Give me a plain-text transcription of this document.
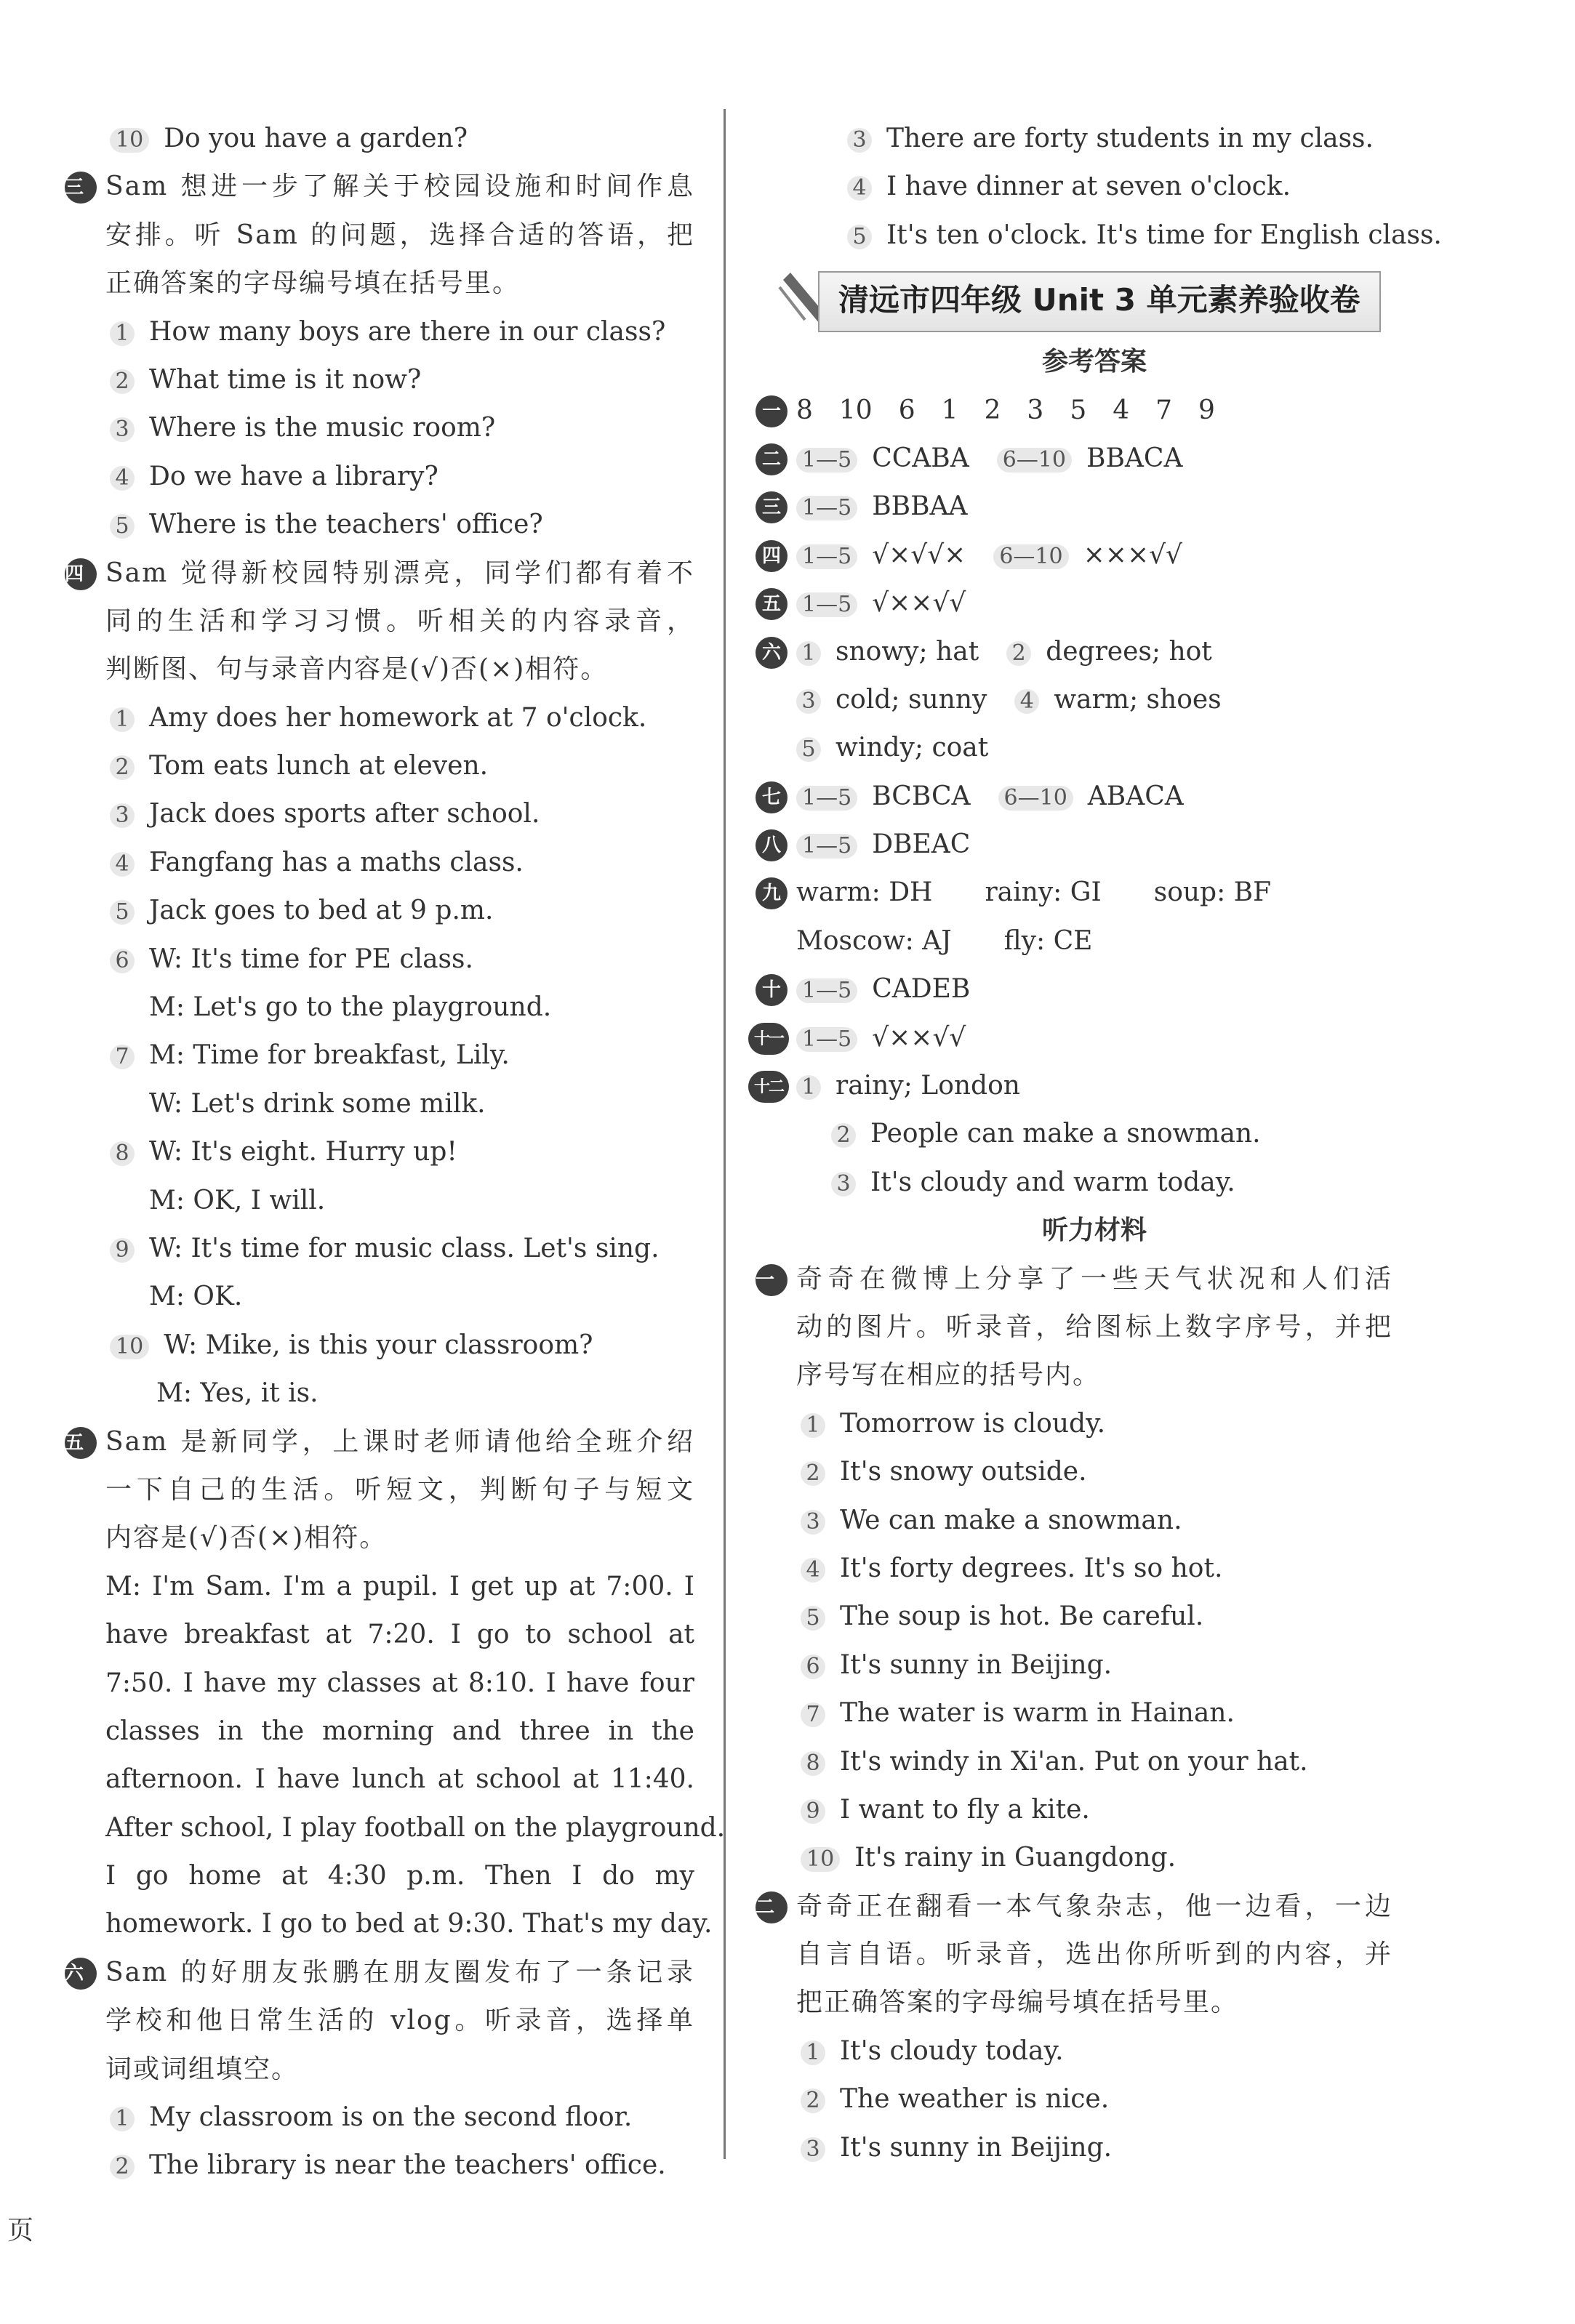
10 Do you have a garden?
三 Sam 想进一步了解关于校园设施和时间作息
安排。听 Sam 的问题，选择合适的答语，把
正确答案的字母编号填在括号里。
1 How many boys are there in our class?
2 What time is it now?
3 Where is the music room?
4 Do we have a library?
5 Where is the teachers' office?
四 Sam 觉得新校园特别漂亮，同学们都有着不
同的生活和学习习惯。听相关的内容录音，
判断图、句与录音内容是(√)否(×)相符。
1 Amy does her homework at 7 o'clock.
2 Tom eats lunch at eleven.
3 Jack does sports after school.
4 Fangfang has a maths class.
5 Jack goes to bed at 9 p.m.
6 W: It's time for PE class.
M: Let's go to the playground.
7 M: Time for breakfast, Lily.
W: Let's drink some milk.
8 W: It's eight. Hurry up!
M: OK, I will.
9 W: It's time for music class. Let's sing.
M: OK.
10 W: Mike, is this your classroom?
M: Yes, it is.
五 Sam 是新同学，上课时老师请他给全班介绍
一下自己的生活。听短文，判断句子与短文
内容是(√)否(×)相符。
M: I'm Sam. I'm a pupil. I get up at 7:00. I
have breakfast at 7:20. I go to school at
7:50. I have my classes at 8:10. I have four
classes in the morning and three in the
afternoon. I have lunch at school at 11:40.
After school, I play football on the playground.
I go home at 4:30 p.m. Then I do my
homework. I go to bed at 9:30. That's my day.
六 Sam 的好朋友张鹏在朋友圈发布了一条记录
学校和他日常生活的 vlog。听录音，选择单
词或词组填空。
1 My classroom is on the second floor.
2 The library is near the teachers' office.
3 There are forty students in my class.
4 I have dinner at seven o'clock.
5 It's ten o'clock. It's time for English class.
清远市四年级 Unit 3 单元素养验收卷
参考答案
一 8　10　6　1　2　3　5　4　7　9
二 1—5 CCABA 6—10 BBACA
三 1—5 BBBAA
四 1—5 √×√√× 6—10 ×××√√
五 1—5 √××√√
六 1 snowy; hat 2 degrees; hot
3 cold; sunny 4 warm; shoes
5 windy; coat
七 1—5 BCBCA 6—10 ABACA
八 1—5 DBEAC
九 warm: DH　　rainy: GI　　soup: BF
Moscow: AJ　　fly: CE
十 1—5 CADEB
十一 1—5 √××√√
十二 1 rainy; London
2 People can make a snowman.
3 It's cloudy and warm today.
听力材料
一 奇奇在微博上分享了一些天气状况和人们活
动的图片。听录音，给图标上数字序号，并把
序号写在相应的括号内。
1 Tomorrow is cloudy.
2 It's snowy outside.
3 We can make a snowman.
4 It's forty degrees. It's so hot.
5 The soup is hot. Be careful.
6 It's sunny in Beijing.
7 The water is warm in Hainan.
8 It's windy in Xi'an. Put on your hat.
9 I want to fly a kite.
10 It's rainy in Guangdong.
二 奇奇正在翻看一本气象杂志，他一边看，一边
自言自语。听录音，选出你所听到的内容，并
把正确答案的字母编号填在括号里。
1 It's cloudy today.
2 The weather is nice.
3 It's sunny in Beijing.
页
